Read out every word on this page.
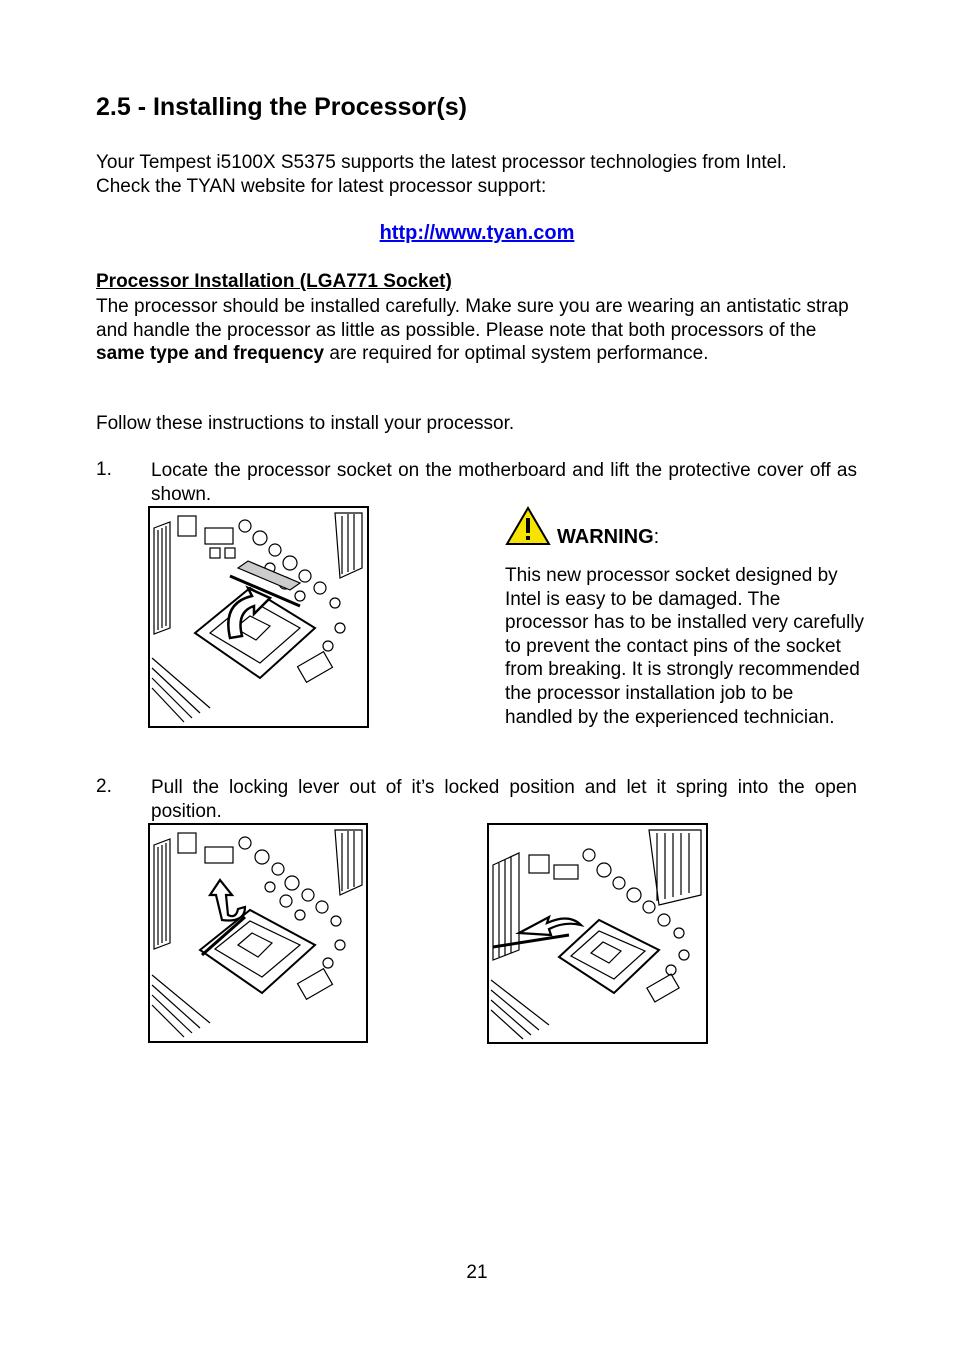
2.5 - Installing the Processor(s)
Your Tempest i5100X S5375 supports the latest processor technologies from Intel.
Check the TYAN website for latest processor support:
http://www.tyan.com
Processor Installation (LGA771 Socket)

The processor should be installed carefully. Make sure you are wearing an antistatic strap and handle the processor as little as possible. Please note that both processors of the same type and frequency are required for optimal system performance.

Follow these instructions to install your processor.
1. Locate the processor socket on the motherboard and lift the protective cover off as shown.
WARNING:
This new processor socket designed by Intel is easy to be damaged. The processor has to be installed very carefully to prevent the contact pins of the socket from breaking. It is strongly recommended the processor installation job to be handled by the experienced technician.
2. Pull the locking lever out of it’s locked position and let it spring into the open position.
21
